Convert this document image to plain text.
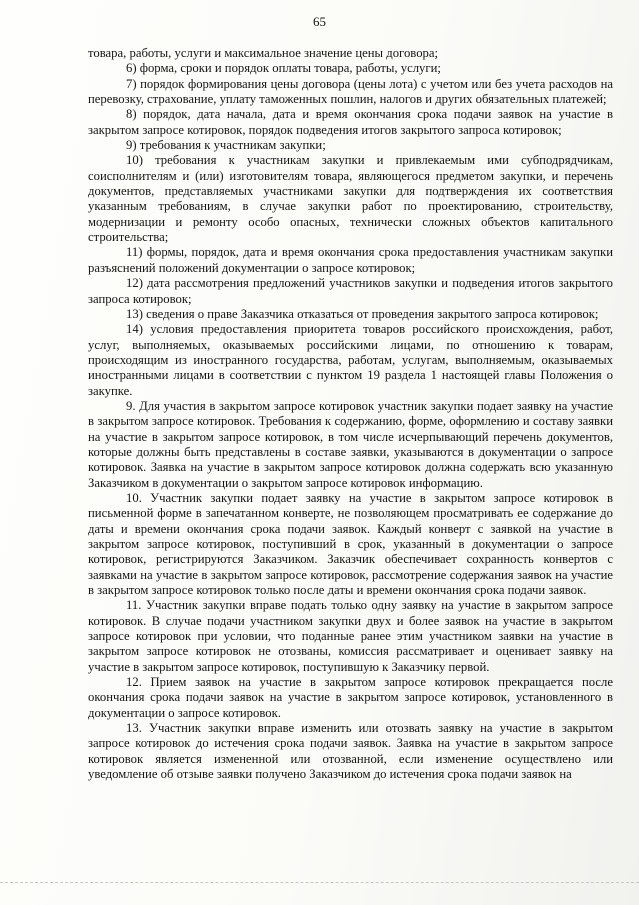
65

товара, работы, услуги и максимальное значение цены договора;

6) форма, сроки и порядок оплаты товара, работы, услуги;

7) порядок формирования цены договора (цены лота) с учетом или без учета расходов на перевозку, страхование, уплату таможенных пошлин, налогов и других обязательных платежей;

8) порядок, дата начала, дата и время окончания срока подачи заявок на участие в закрытом запросе котировок, порядок подведения итогов закрытого запроса котировок;

9) требования к участникам закупки;

10) требования к участникам закупки и привлекаемым ими субподрядчикам, соисполнителям и (или) изготовителям товара, являющегося предметом закупки, и перечень документов, представляемых участниками закупки для подтверждения их соответствия указанным требованиям, в случае закупки работ по проектированию, строительству, модернизации и ремонту особо опасных, технически сложных объектов капитального строительства;

11) формы, порядок, дата и время окончания срока предоставления участникам закупки разъяснений положений документации о запросе котировок;

12) дата рассмотрения предложений участников закупки и подведения итогов закрытого запроса котировок;

13) сведения о праве Заказчика отказаться от проведения закрытого запроса котировок;

14) условия предоставления приоритета товаров российского происхождения, работ, услуг, выполняемых, оказываемых российскими лицами, по отношению к товарам, происходящим из иностранного государства, работам, услугам, выполняемым, оказываемых иностранными лицами в соответствии с пунктом 19 раздела 1 настоящей главы Положения о закупке.

9. Для участия в закрытом запросе котировок участник закупки подает заявку на участие в закрытом запросе котировок. Требования к содержанию, форме, оформлению и составу заявки на участие в закрытом запросе котировок, в том числе исчерпывающий перечень документов, которые должны быть представлены в составе заявки, указываются в документации о запросе котировок. Заявка на участие в закрытом запросе котировок должна содержать всю указанную Заказчиком в документации о закрытом запросе котировок информацию.

10. Участник закупки подает заявку на участие в закрытом запросе котировок в письменной форме в запечатанном конверте, не позволяющем просматривать ее содержание до даты и времени окончания срока подачи заявок. Каждый конверт с заявкой на участие в закрытом запросе котировок, поступивший в срок, указанный в документации о запросе котировок, регистрируются Заказчиком. Заказчик обеспечивает сохранность конвертов с заявками на участие в закрытом запросе котировок, рассмотрение содержания заявок на участие в закрытом запросе котировок только после даты и времени окончания срока подачи заявок.

11. Участник закупки вправе подать только одну заявку на участие в закрытом запросе котировок. В случае подачи участником закупки двух и более заявок на участие в закрытом запросе котировок при условии, что поданные ранее этим участником заявки на участие в закрытом запросе котировок не отозваны, комиссия рассматривает и оценивает заявку на участие в закрытом запросе котировок, поступившую к Заказчику первой.

12. Прием заявок на участие в закрытом запросе котировок прекращается после окончания срока подачи заявок на участие в закрытом запросе котировок, установленного в документации о запросе котировок.

13. Участник закупки вправе изменить или отозвать заявку на участие в закрытом запросе котировок до истечения срока подачи заявок. Заявка на участие в закрытом запросе котировок является измененной или отозванной, если изменение осуществлено или уведомление об отзыве заявки получено Заказчиком до истечения срока подачи заявок на
